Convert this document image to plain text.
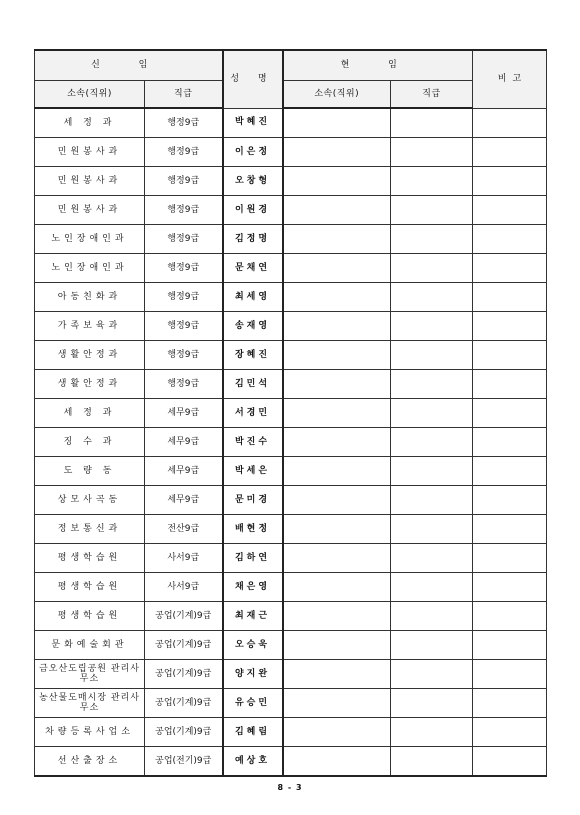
신 임		성 명	현 임		비고
소속(직위)	직급		소속(직위)	직급	
세 정 과	행정9급	박혜진			
민원봉사과	행정9급	이은정			
민원봉사과	행정9급	오창형			
민원봉사과	행정9급	이원경			
노인장애인과	행정9급	김정명			
노인장애인과	행정9급	문채연			
아동친화과	행정9급	최세영			
가족보육과	행정9급	송재영			
생활안정과	행정9급	장혜진			
생활안정과	행정9급	김민석			
세 정 과	세무9급	서경민			
징 수 과	세무9급	박진수			
도 량 동	세무9급	박세은			
상모사곡동	세무9급	문미경			
정보통신과	전산9급	배현정			
평생학습원	사서9급	김하연			
평생학습원	사서9급	채은영			
평생학습원	공업(기계)9급	최재근			
문화예술회관	공업(기계)9급	오승욱			
금오산도립공원 관리사무소	공업(기계)9급	양지완			
농산물도매시장 관리사무소	공업(기계)9급	유승민			
차량등록사업소	공업(기계)9급	김혜림			
선산출장소	공업(전기)9급	예상호			
8 - 3
